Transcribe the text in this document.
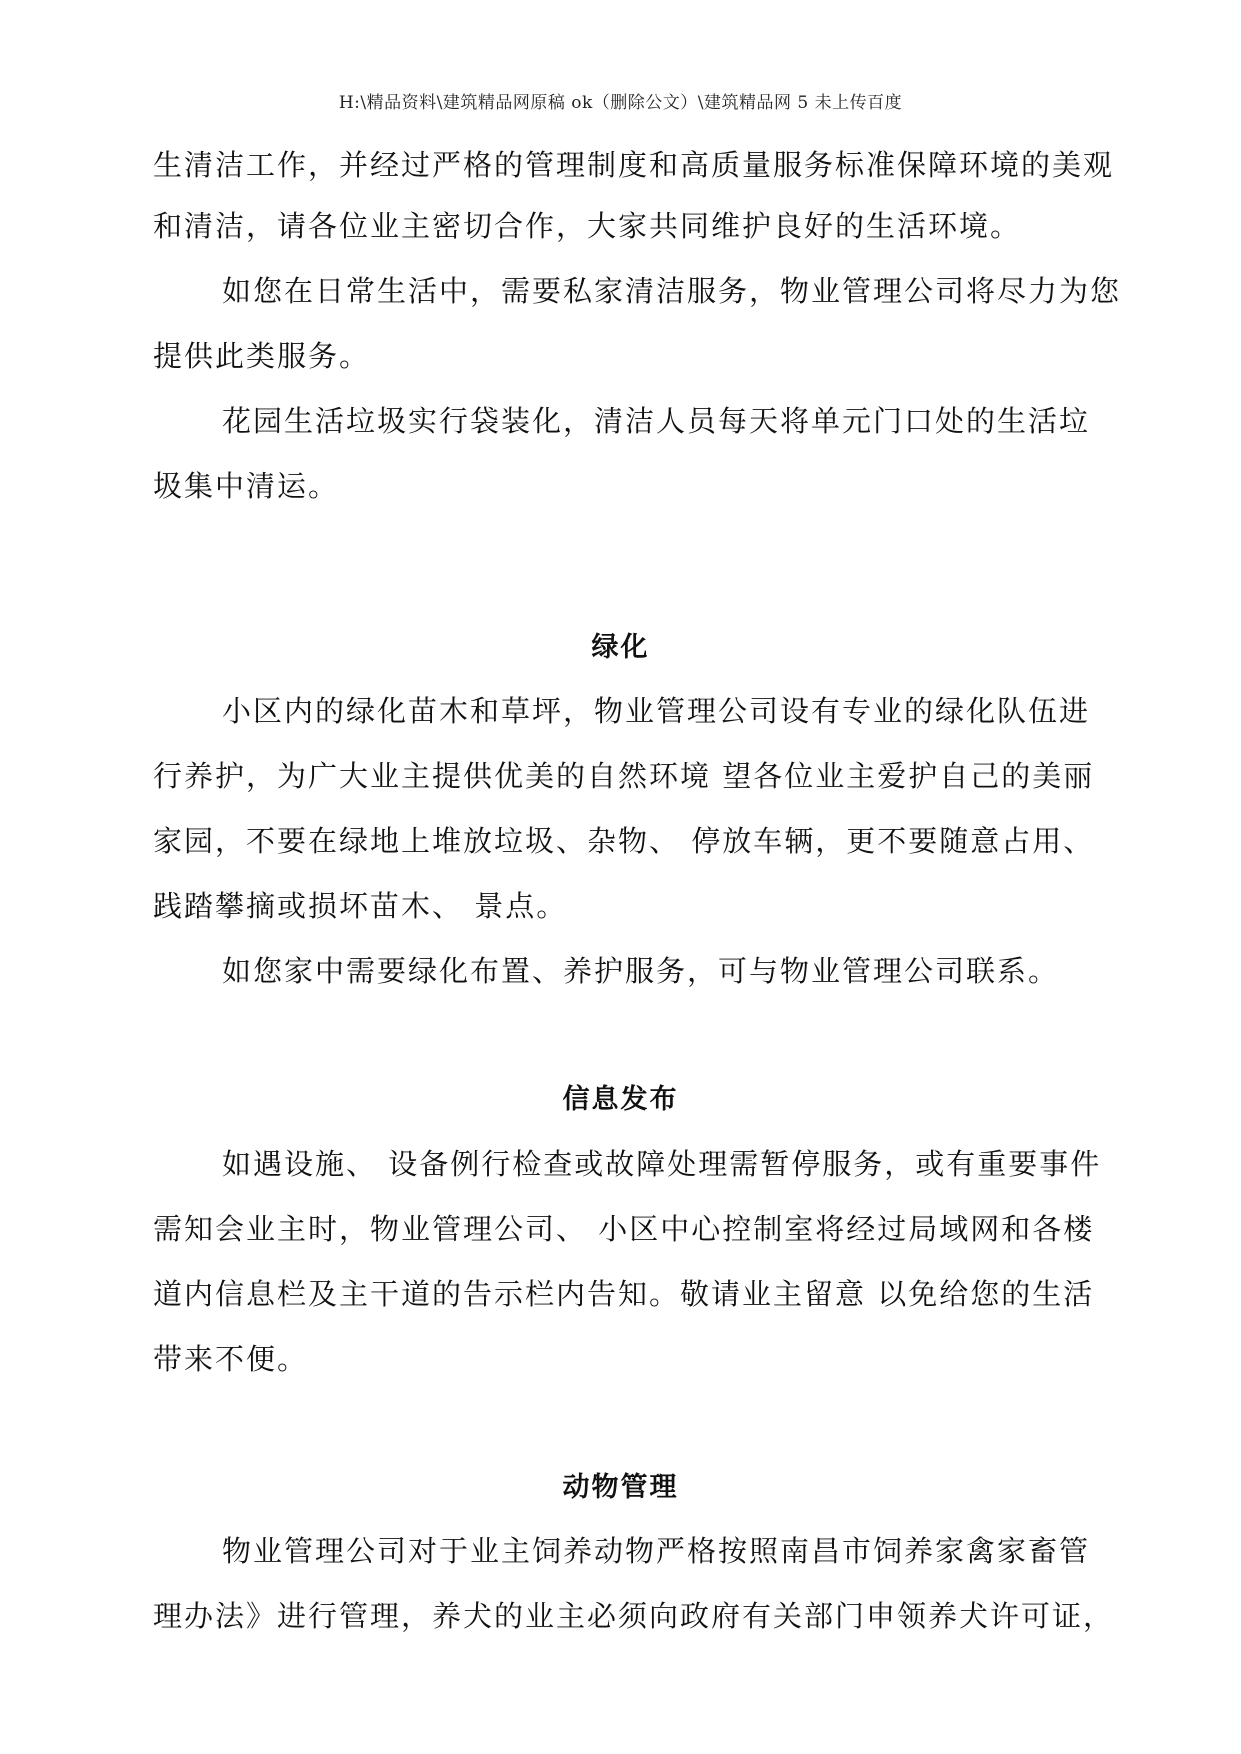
H:\精品资料\建筑精品网原稿 ok（删除公文）\建筑精品网 5 未上传百度
生清洁工作，并经过严格的管理制度和高质量服务标准保障环境的美观
和清洁，请各位业主密切合作，大家共同维护良好的生活环境。
如您在日常生活中，需要私家清洁服务，物业管理公司将尽力为您
提供此类服务。
花园生活垃圾实行袋装化，清洁人员每天将单元门口处的生活垃
圾集中清运。
绿化
小区内的绿化苗木和草坪，物业管理公司设有专业的绿化队伍进
行养护，为广大业主提供优美的自然环境 望各位业主爱护自己的美丽
家园，不要在绿地上堆放垃圾、杂物、 停放车辆，更不要随意占用、
践踏攀摘或损坏苗木、 景点。
如您家中需要绿化布置、养护服务，可与物业管理公司联系。
信息发布
如遇设施、 设备例行检查或故障处理需暂停服务，或有重要事件
需知会业主时，物业管理公司、 小区中心控制室将经过局域网和各楼
道内信息栏及主干道的告示栏内告知。敬请业主留意 以免给您的生活
带来不便。
动物管理
物业管理公司对于业主饲养动物严格按照南昌市饲养家禽家畜管
理办法》进行管理，养犬的业主必须向政府有关部门申领养犬许可证，
